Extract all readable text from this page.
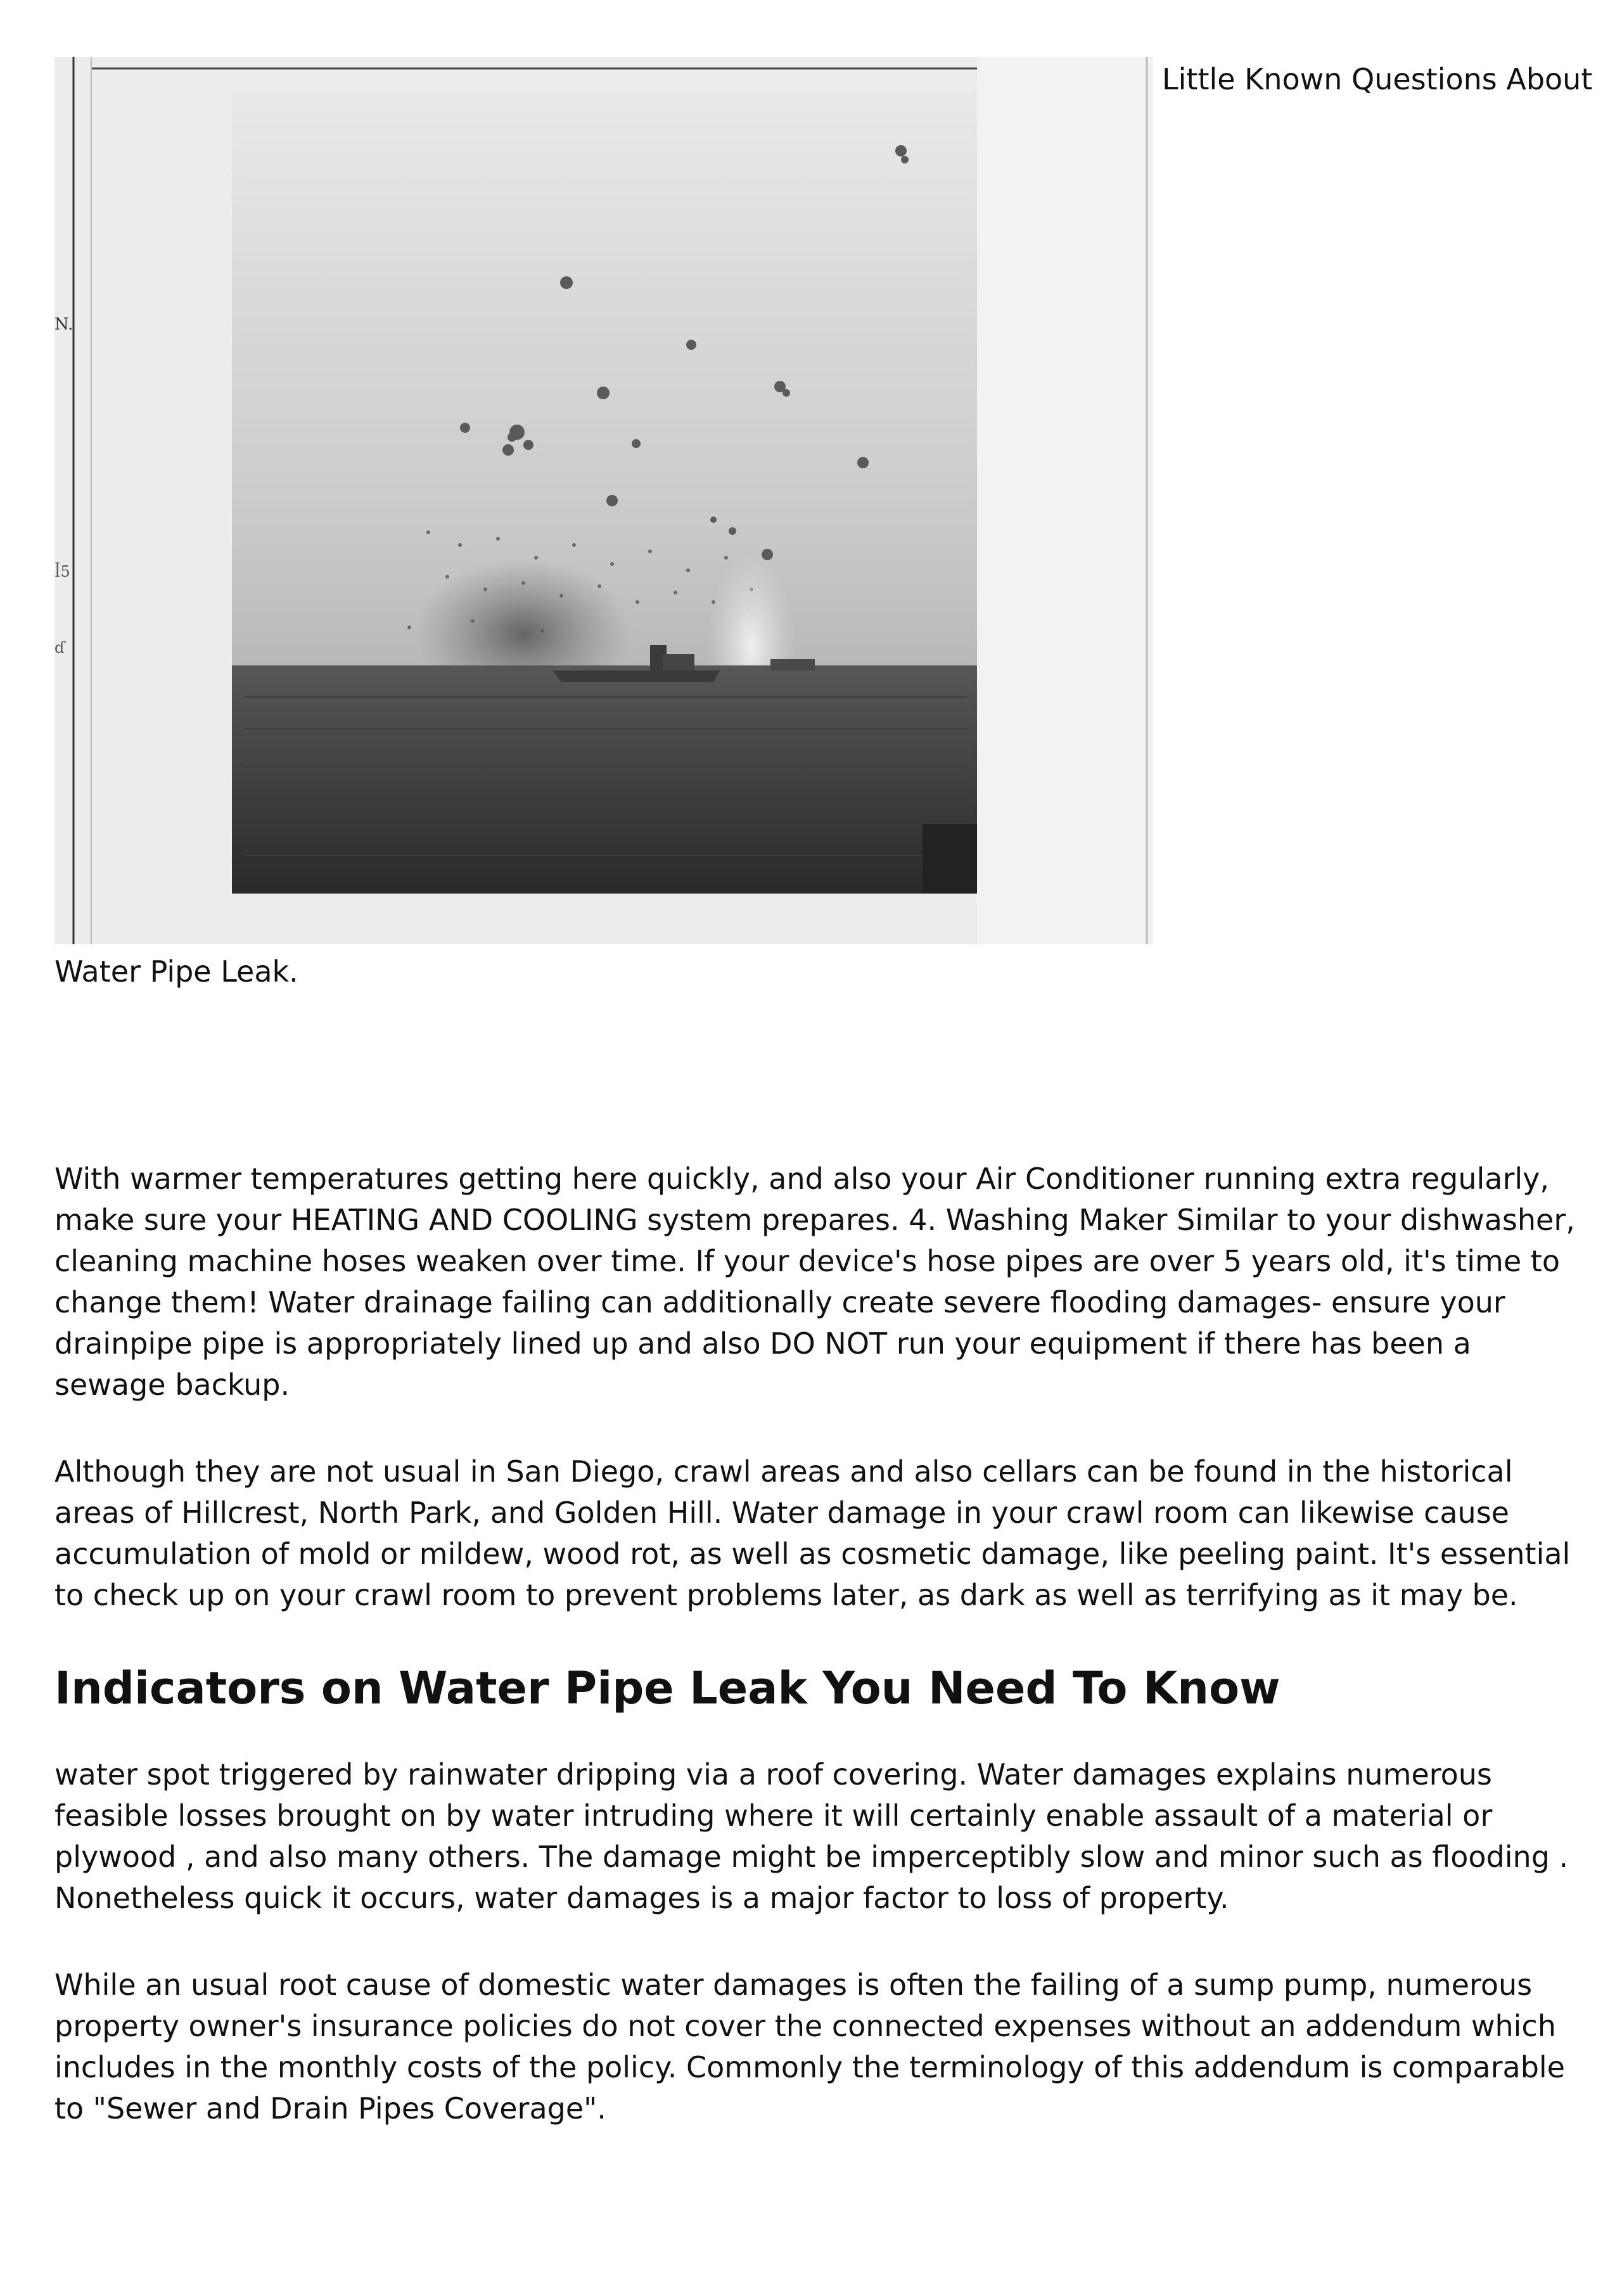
N.
ꟾ5
ɗ
Little Known Questions About
Water Pipe Leak.

With warmer temperatures getting here quickly, and also your Air Conditioner running extra regularly, make sure your HEATING AND COOLING system prepares. 4. Washing Maker Similar to your dishwasher, cleaning machine hoses weaken over time. If your device's hose pipes are over 5 years old, it's time to change them! Water drainage failing can additionally create severe flooding damages- ensure your drainpipe pipe is appropriately lined up and also DO NOT run your equipment if there has been a sewage backup.

Although they are not usual in San Diego, crawl areas and also cellars can be found in the historical areas of Hillcrest, North Park, and Golden Hill. Water damage in your crawl room can likewise cause accumulation of mold or mildew, wood rot, as well as cosmetic damage, like peeling paint. It's essential to check up on your crawl room to prevent problems later, as dark as well as terrifying as it may be.

Indicators on Water Pipe Leak You Need To Know

water spot triggered by rainwater dripping via a roof covering. Water damages explains numerous feasible losses brought on by water intruding where it will certainly enable assault of a material or plywood , and also many others. The damage might be imperceptibly slow and minor such as flooding . Nonetheless quick it occurs, water damages is a major factor to loss of property.

While an usual root cause of domestic water damages is often the failing of a sump pump, numerous property owner's insurance policies do not cover the connected expenses without an addendum which includes in the monthly costs of the policy. Commonly the terminology of this addendum is comparable to "Sewer and Drain Pipes Coverage".
